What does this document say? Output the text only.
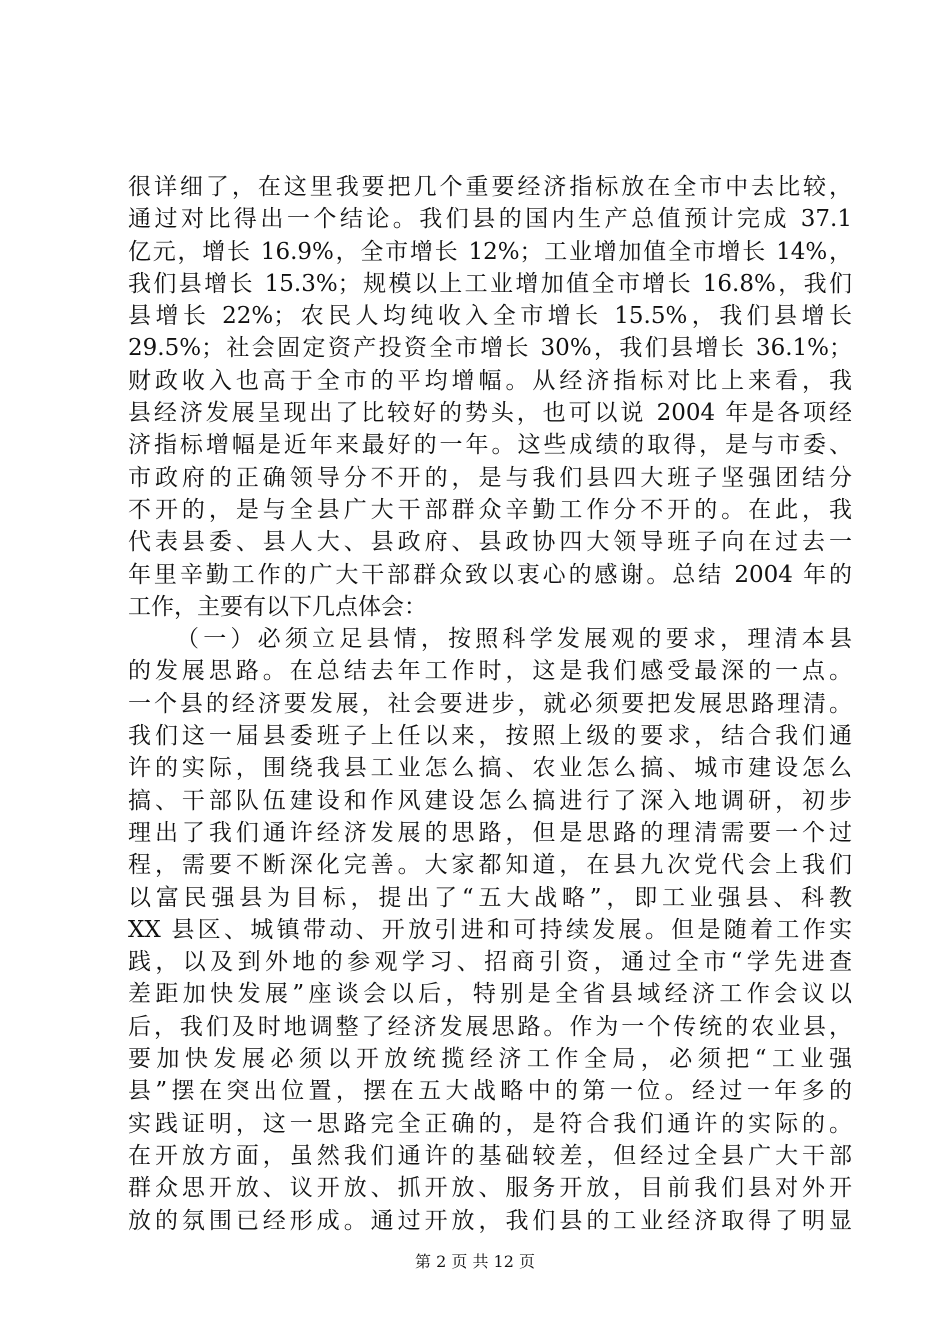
很详细了，在这里我要把几个重要经济指标放在全市中去比较，
通过对比得出一个结论。我们县的国内生产总值预计完成 37.1
亿元，增长 16.9%，全市增长 12%；工业增加值全市增长 14%，
我们县增长 15.3%；规模以上工业增加值全市增长 16.8%，我们
县增长 22%；农民人均纯收入全市增长 15.5%，我们县增长
29.5%；社会固定资产投资全市增长 30%，我们县增长 36.1%；
财政收入也高于全市的平均增幅。从经济指标对比上来看，我
县经济发展呈现出了比较好的势头，也可以说 2004 年是各项经
济指标增幅是近年来最好的一年。这些成绩的取得，是与市委、
市政府的正确领导分不开的，是与我们县四大班子坚强团结分
不开的，是与全县广大干部群众辛勤工作分不开的。在此，我
代表县委、县人大、县政府、县政协四大领导班子向在过去一
年里辛勤工作的广大干部群众致以衷心的感谢。总结 2004 年的
工作，主要有以下几点体会：
（一）必须立足县情，按照科学发展观的要求，理清本县
的发展思路。在总结去年工作时，这是我们感受最深的一点。
一个县的经济要发展，社会要进步，就必须要把发展思路理清。
我们这一届县委班子上任以来，按照上级的要求，结合我们通
许的实际，围绕我县工业怎么搞、农业怎么搞、城市建设怎么
搞、干部队伍建设和作风建设怎么搞进行了深入地调研，初步
理出了我们通许经济发展的思路，但是思路的理清需要一个过
程，需要不断深化完善。大家都知道，在县九次党代会上我们
以富民强县为目标，提出了“五大战略”，即工业强县、科教
XX 县区、城镇带动、开放引进和可持续发展。但是随着工作实
践，以及到外地的参观学习、招商引资，通过全市“学先进查
差距加快发展”座谈会以后，特别是全省县域经济工作会议以
后，我们及时地调整了经济发展思路。作为一个传统的农业县，
要加快发展必须以开放统揽经济工作全局，必须把“工业强
县”摆在突出位置，摆在五大战略中的第一位。经过一年多的
实践证明，这一思路完全正确的，是符合我们通许的实际的。
在开放方面，虽然我们通许的基础较差，但经过全县广大干部
群众思开放、议开放、抓开放、服务开放，目前我们县对外开
放的氛围已经形成。通过开放，我们县的工业经济取得了明显
第 2 页 共 12 页
